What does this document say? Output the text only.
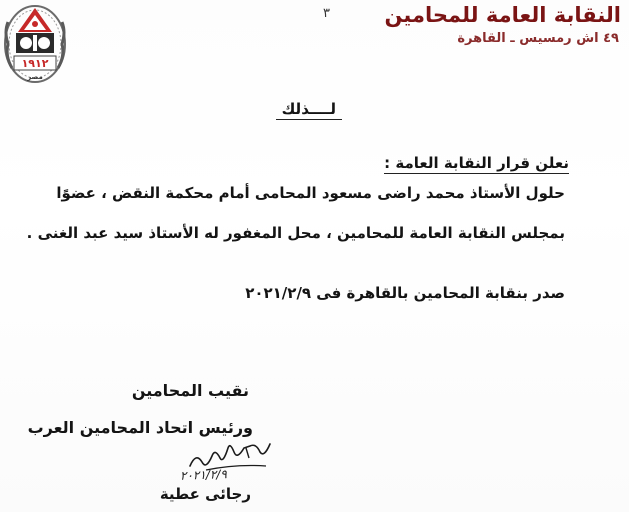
١٩١٢
مصر
٣	النقابة العامة للمحامين
٤٩ اش رمسيس ـ القاهرة
لــــذلك
نعلن قرار النقابة العامة :
حلول الأستاذ محمد راضى مسعود المحامى أمام محكمة النقض ، عضوًا
بمجلس النقابة العامة للمحامين ، محل المغفور له الأستاذ سيد عبد الغنى .
صدر بنقابة المحامين بالقاهرة فى ٢٠٢١/٢/٩
نقيب المحامين
ورئيس اتحاد المحامين العرب
٢٠٢١/٢/٩
رجائى عطية
